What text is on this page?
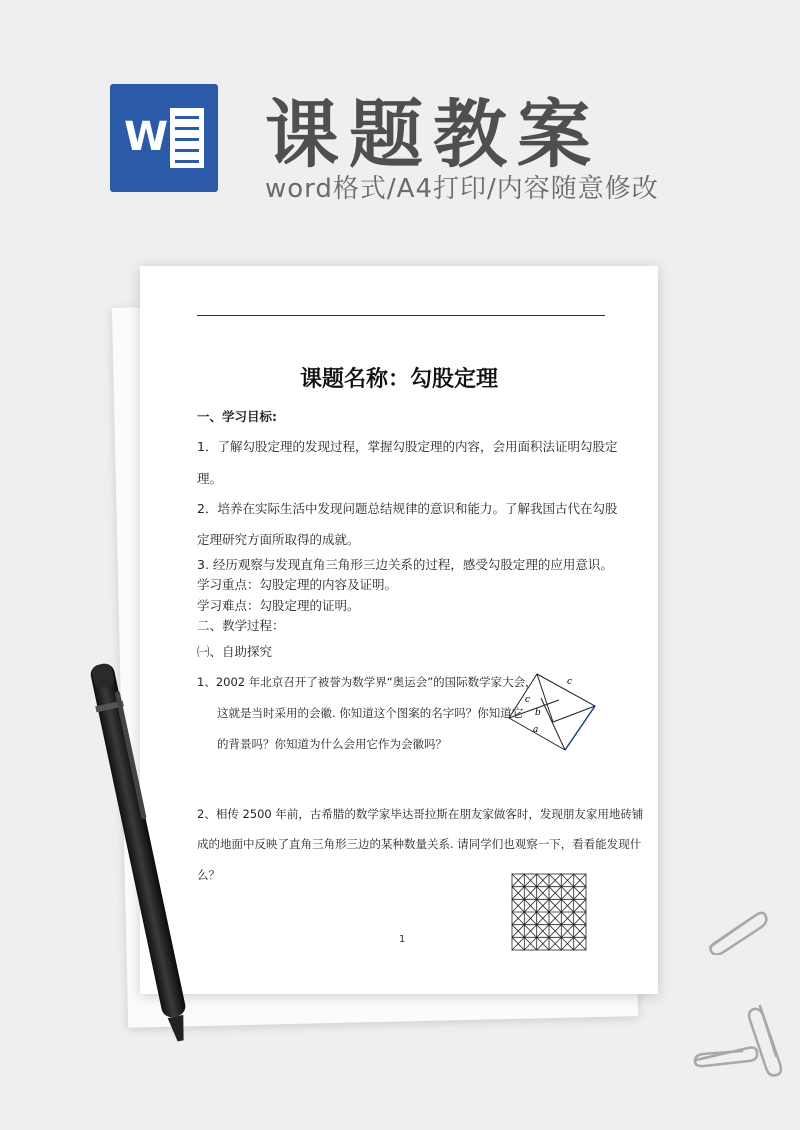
W 课题教案
word格式/A4打印/内容随意修改
课题名称：勾股定理
一、学习目标:
1．了解勾股定理的发现过程，掌握勾股定理的内容，会用面积法证明勾股定
理。
2．培养在实际生活中发现问题总结规律的意识和能力。了解我国古代在勾股
定理研究方面所取得的成就。
3. 经历观察与发现直角三角形三边关系的过程，感受勾股定理的应用意识。
学习重点：勾股定理的内容及证明。
学习难点：勾股定理的证明。
二、教学过程：
㈠、自助探究
1、2002 年北京召开了被誉为数学界“奥运会”的国际数学家大会，
这就是当时采用的会徽. 你知道这个图案的名字吗？你知道它
的背景吗？你知道为什么会用它作为会徽吗？
2、相传 2500 年前，古希腊的数学家毕达哥拉斯在朋友家做客时，发现朋友家用地砖铺
成的地面中反映了直角三角形三边的某种数量关系. 请同学们也观察一下，看看能发现什
么？
c
c
b
a
1
